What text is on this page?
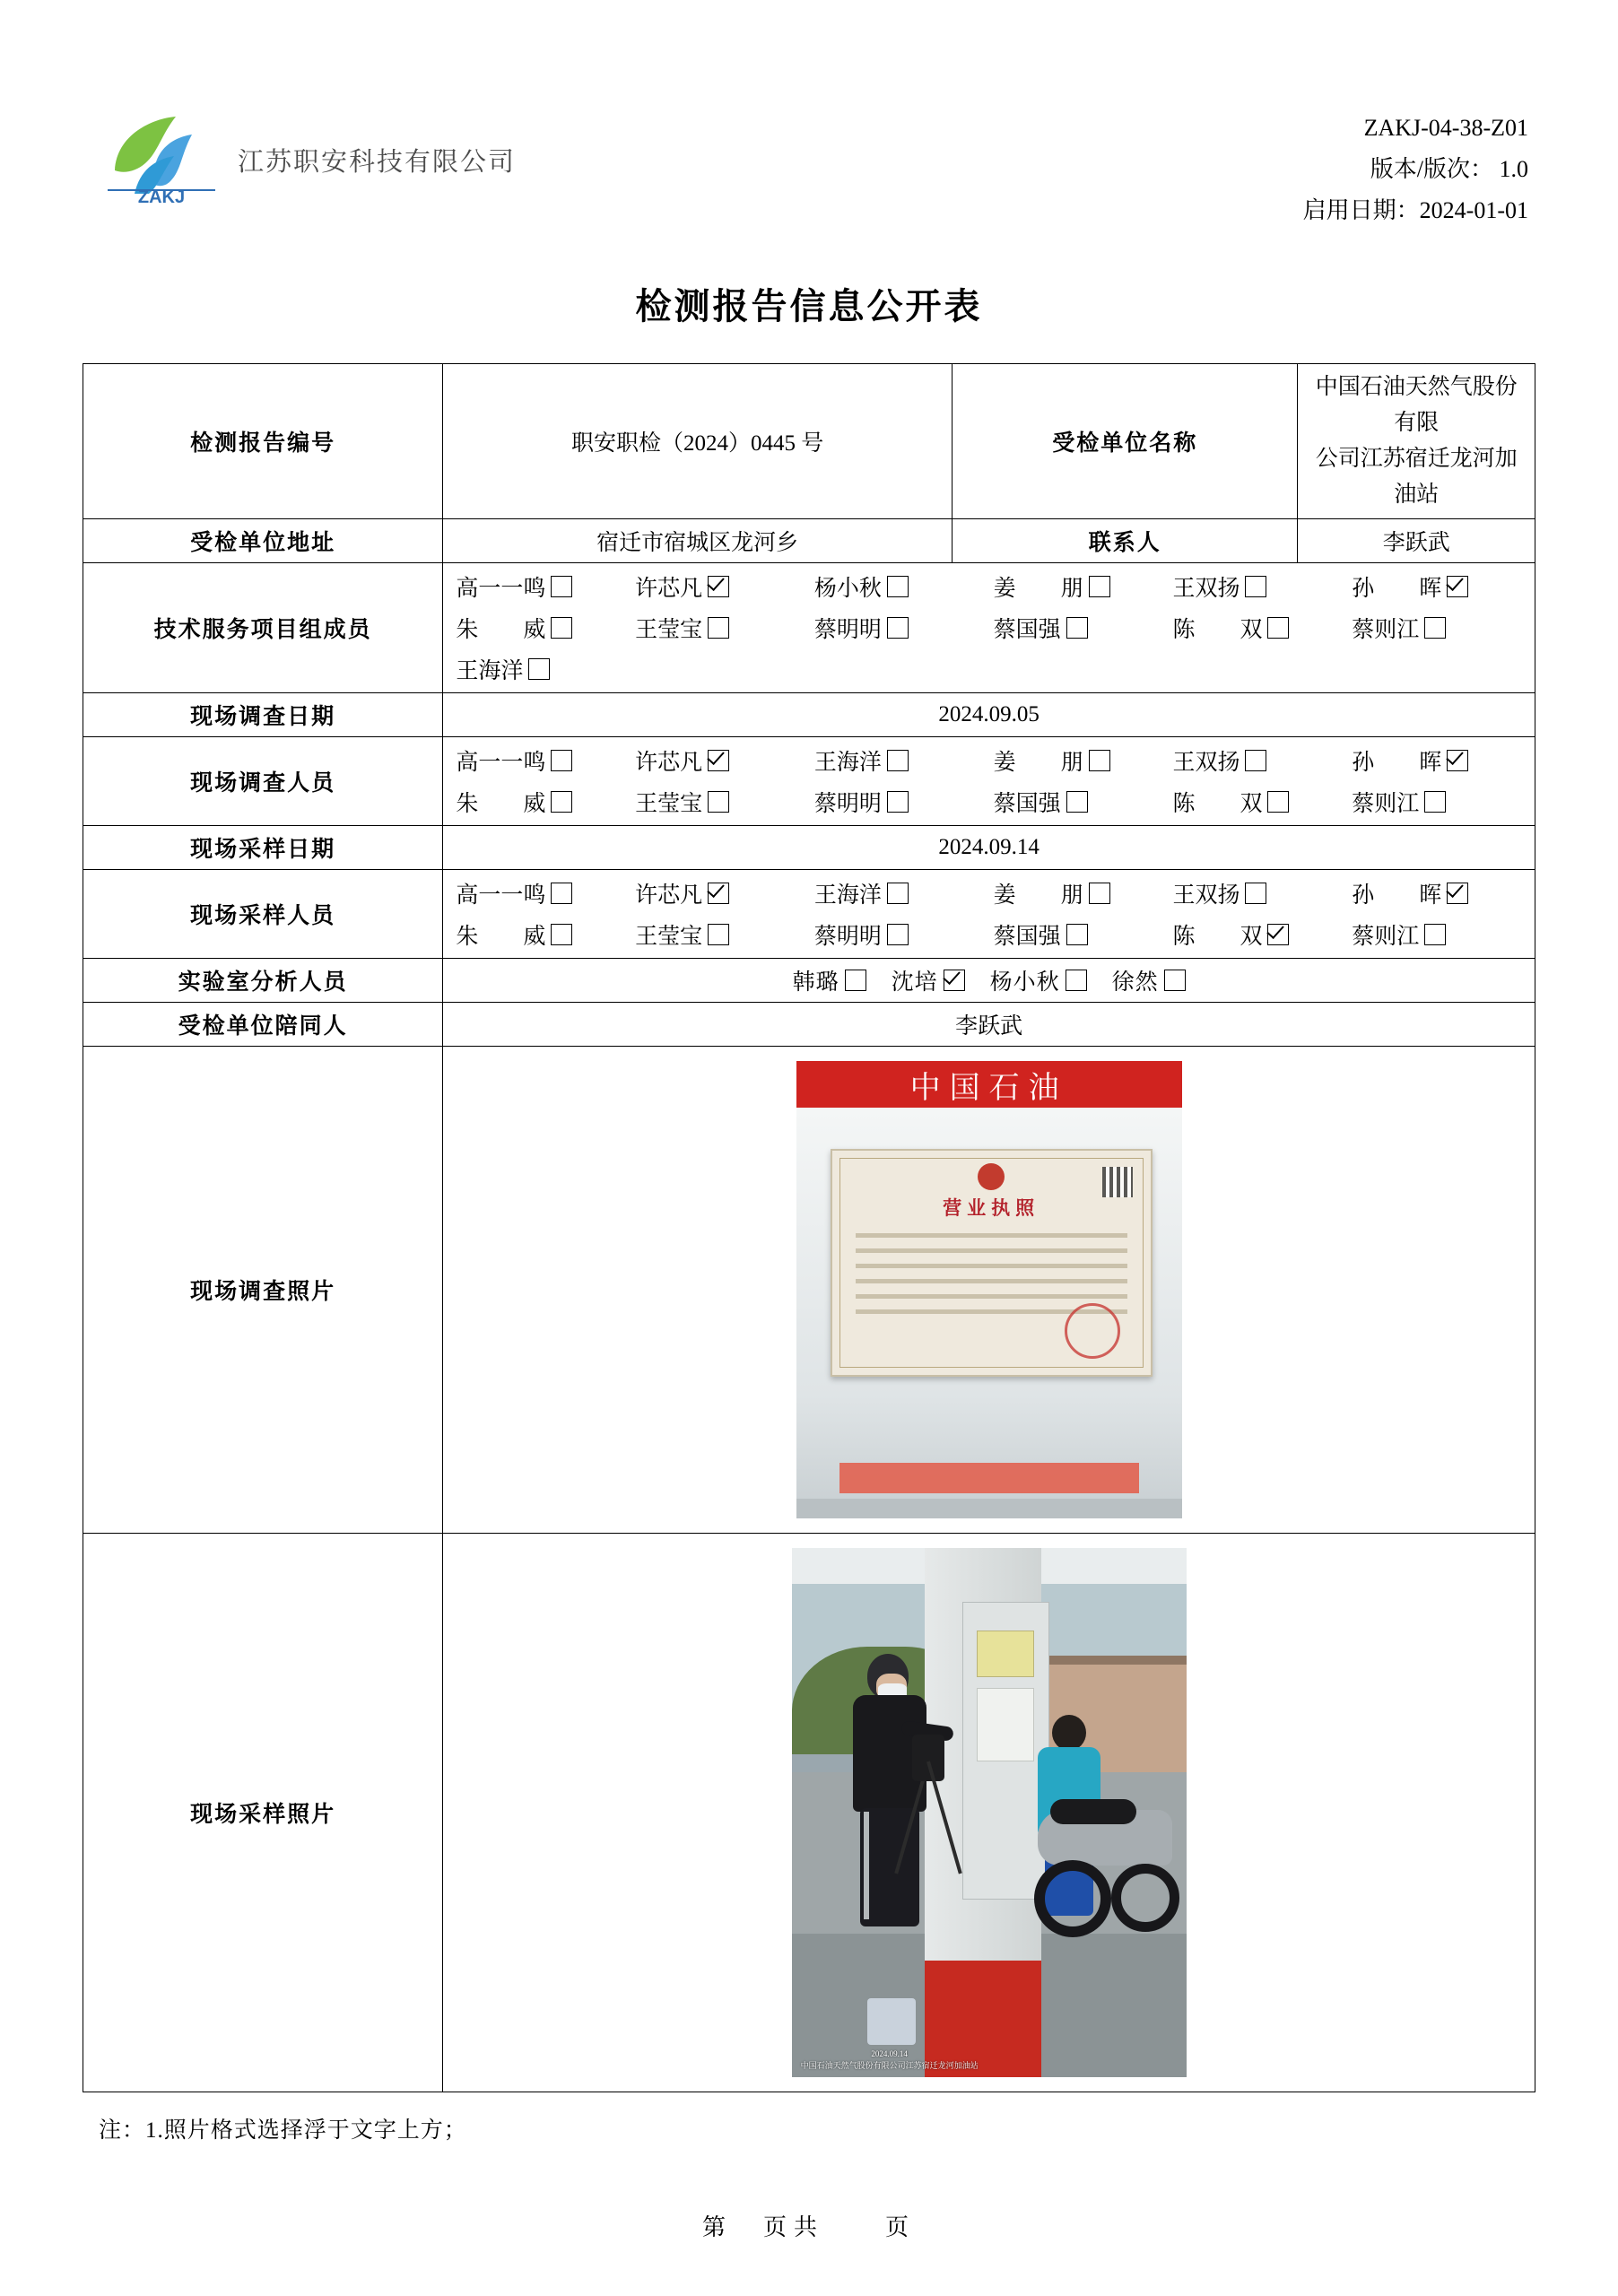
ZAKJ
江苏职安科技有限公司
ZAKJ-04-38-Z01
版本/版次： 1.0
启用日期：2024-01-01
检测报告信息公开表
检测报告编号	职安职检（2024）0445 号	受检单位名称	中国石油天然气股份有限
公司江苏宿迁龙河加油站

受检单位地址	宿迁市宿城区龙河乡	联系人	李跃武
技术服务项目组成员	
高一一鸣	许芯凡	杨小秋	姜　　朋	王双扬	孙　　晖
朱　　威	王莹宝	蔡明明	蔡国强	陈　　双	蔡则江
王海洋

现场调查日期	2024.09.05		
现场调查人员	
高一一鸣	许芯凡	王海洋	姜　　朋	王双扬	孙　　晖
朱　　威	王莹宝	蔡明明	蔡国强	陈　　双	蔡则江

现场采样日期	2024.09.14		
现场采样人员	
高一一鸣	许芯凡	王海洋	姜　　朋	王双扬	孙　　晖
朱　　威	王莹宝	蔡明明	蔡国强	陈　　双	蔡则江

实验室分析人员	韩璐 沈培 杨小秋 徐然		

受检单位陪同人	李跃武		
现场调查照片	中国石油
营业执照		

现场采样照片	2024.09.14
中国石油天然气股份有限公司江苏宿迁龙河加油站		
注：1.照片格式选择浮于文字上方；
第　页共　　页
